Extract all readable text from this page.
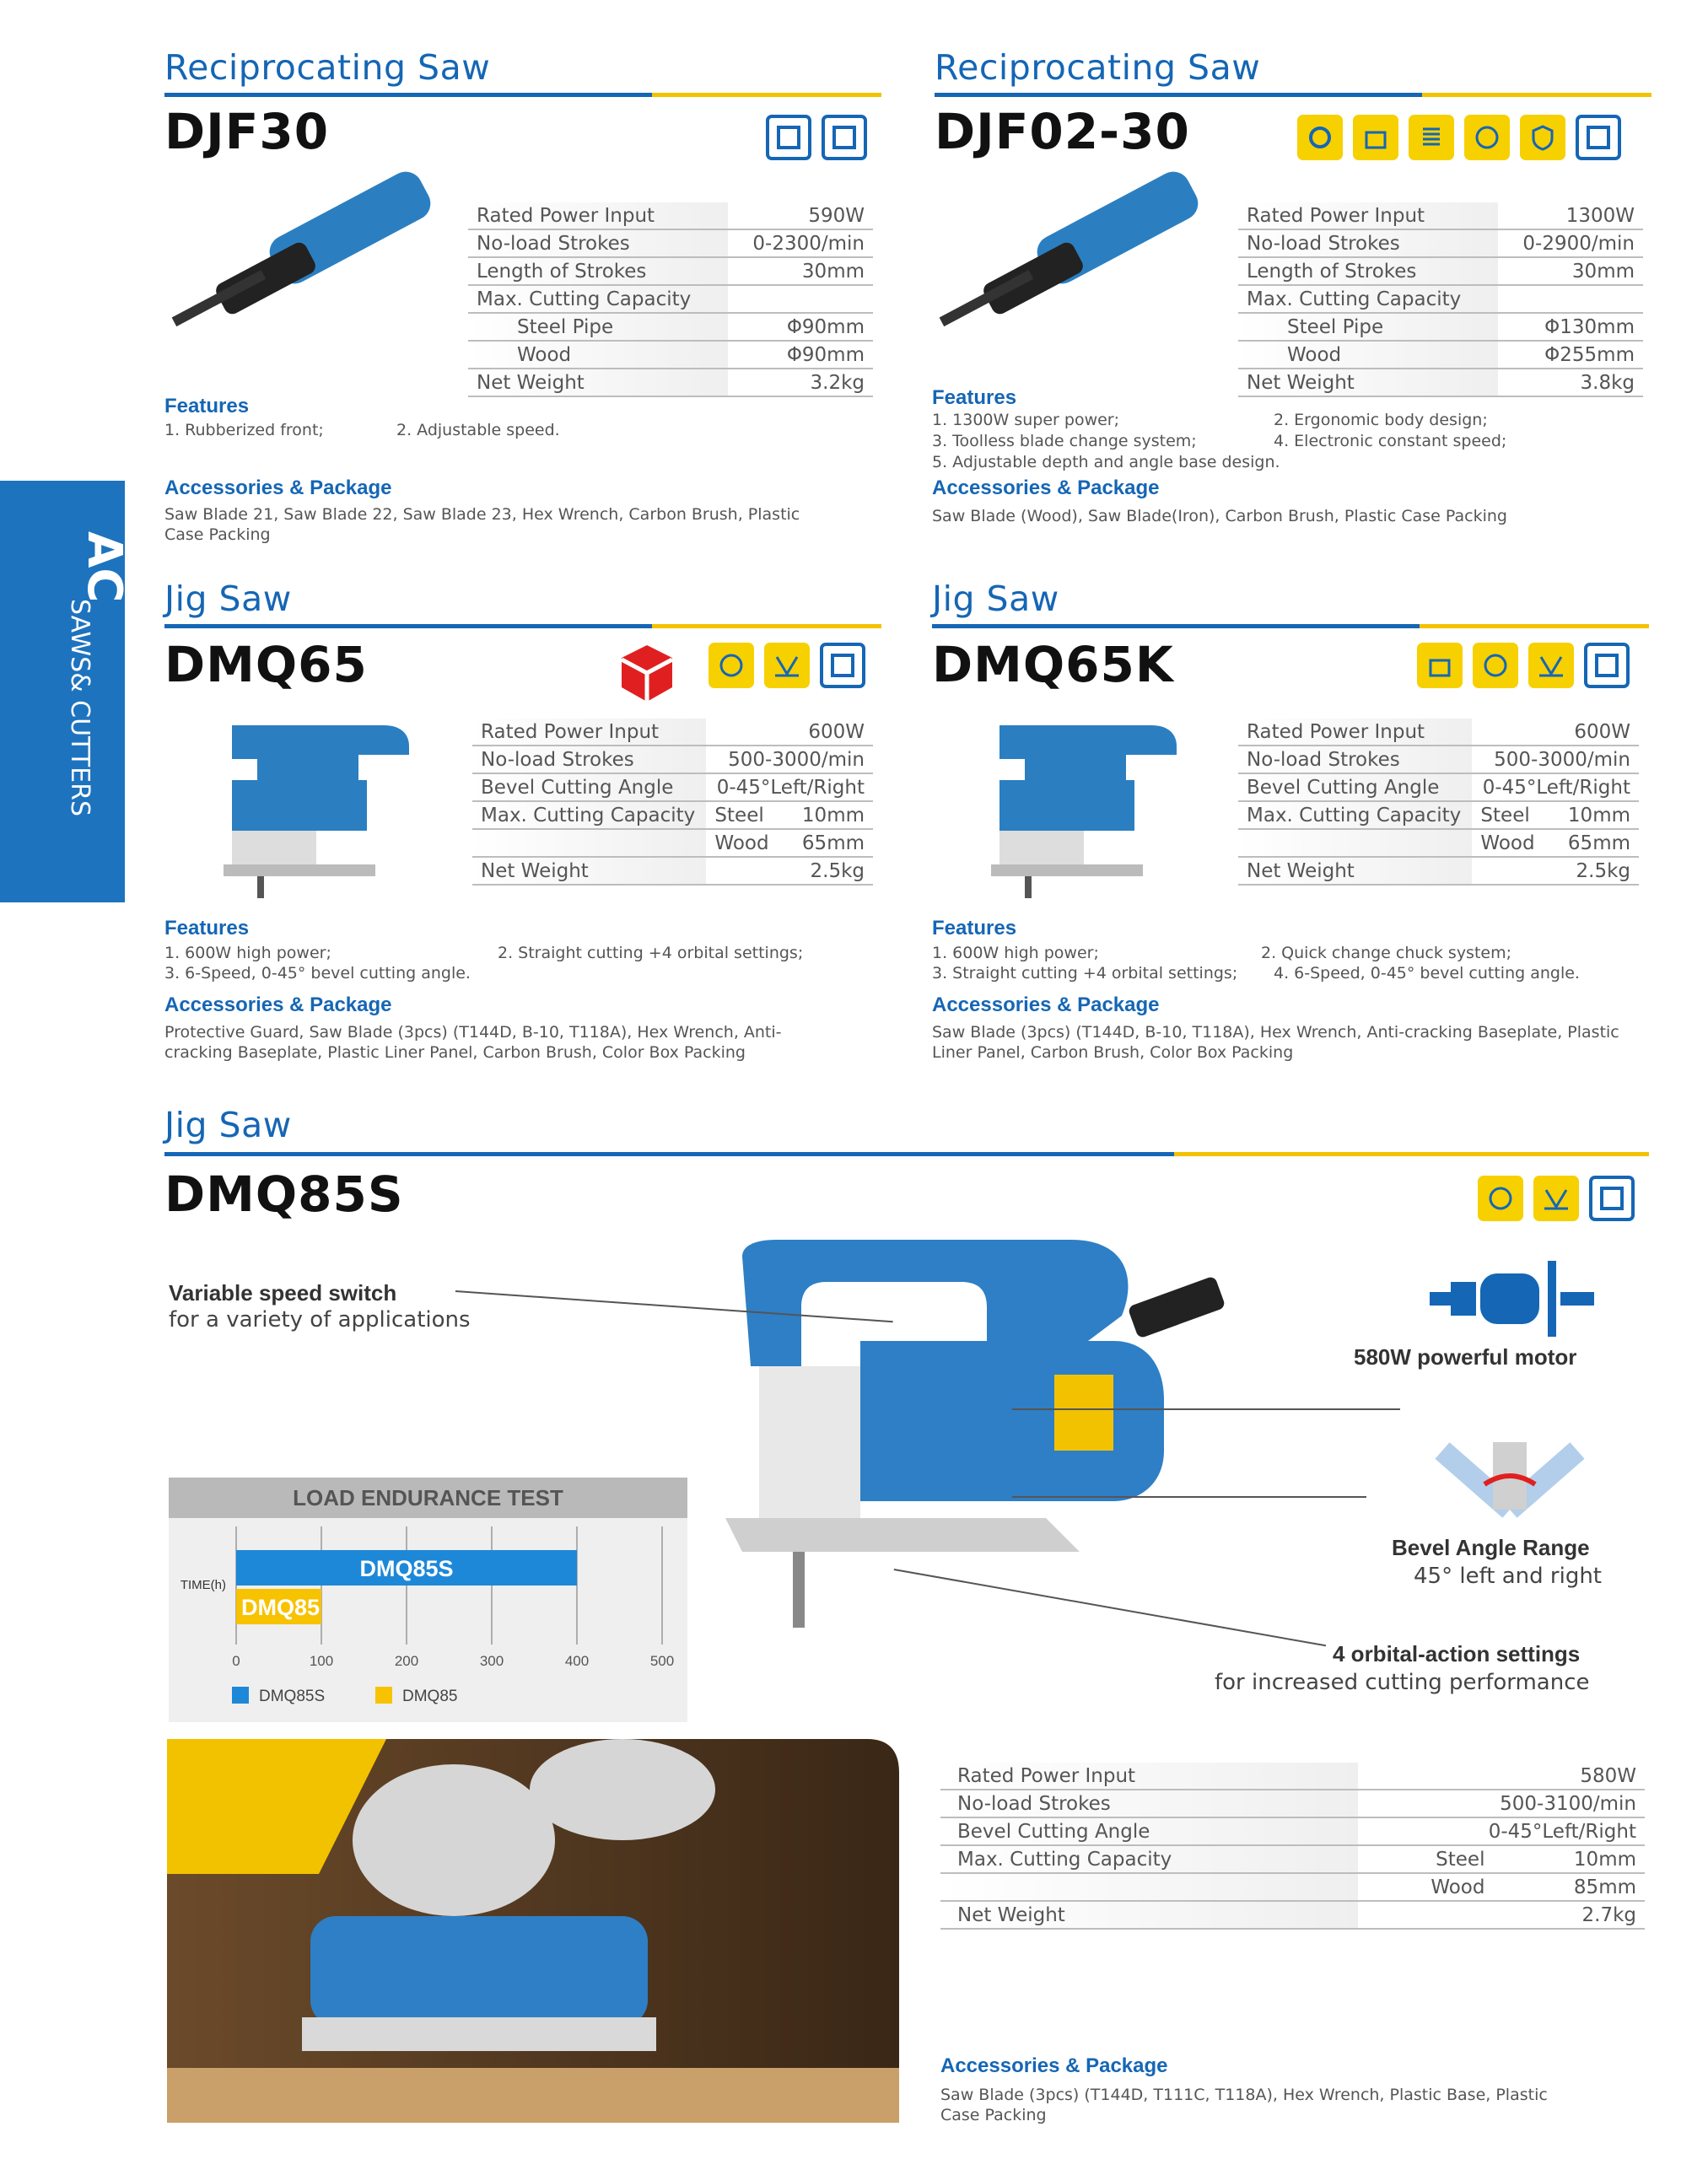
AC
SAWS& CUTTERS
Reciprocating Saw
DJF30
Rated Power Input	590W
No-load Strokes	0-2300/min
Length of Strokes	30mm
Max. Cutting Capacity	
Steel Pipe	Φ90mm
Wood	Φ90mm
Net Weight	3.2kg
Features
1. Rubberized front;	2. Adjustable speed.
Accessories & Package
Saw Blade 21, Saw Blade 22, Saw Blade 23, Hex Wrench, Carbon Brush, Plastic Case Packing
Reciprocating Saw
DJF02-30
Rated Power Input	1300W
No-load Strokes	0-2900/min
Length of Strokes	30mm
Max. Cutting Capacity	
Steel Pipe	Φ130mm
Wood	Φ255mm
Net Weight	3.8kg
Features
1. 1300W super power;	2. Ergonomic body design;
3. Toolless blade change system;	4. Electronic constant speed;
5. Adjustable depth and angle base design.
Accessories & Package
Saw Blade (Wood), Saw Blade(Iron), Carbon Brush, Plastic Case Packing
Jig Saw
DMQ65
Rated Power Input	600W	
No-load Strokes	500-3000/min	
Bevel Cutting Angle	0-45°Left/Right	
Max. Cutting Capacity	Steel	10mm
	Wood	65mm
Net Weight	2.5kg	
Features
1. 600W high power;	2. Straight cutting +4 orbital settings;
3. 6-Speed, 0-45° bevel cutting angle.
Accessories & Package
Protective Guard, Saw Blade (3pcs) (T144D, B-10, T118A), Hex Wrench, Anti-cracking Baseplate, Plastic Liner Panel, Carbon Brush, Color Box Packing
Jig Saw
DMQ65K
Rated Power Input	600W	
No-load Strokes	500-3000/min	
Bevel Cutting Angle	0-45°Left/Right	
Max. Cutting Capacity	Steel	10mm
	Wood	65mm
Net Weight	2.5kg	
Features
1. 600W high power;	2. Quick change chuck system;
3. Straight cutting +4 orbital settings; 4. 6-Speed, 0-45° bevel cutting angle.
Accessories & Package
Saw Blade (3pcs) (T144D, B-10, T118A), Hex Wrench, Anti-cracking Baseplate, Plastic Liner Panel, Carbon Brush, Color Box Packing
Jig Saw
DMQ85S
Variable speed switch
for a variety of applications
580W powerful motor
Bevel Angle Range
45° left and right
4 orbital-action settings
for increased cutting performance
LOAD ENDURANCE TEST
0	100	200	300	400	500
TIME(h)
DMQ85S
DMQ85
DMQ85S	DMQ85
Rated Power Input	580W	
No-load Strokes	500-3100/min	
Bevel Cutting Angle	0-45°Left/Right	
Max. Cutting Capacity	Steel	10mm
	Wood	85mm
Net Weight	2.7kg	
Accessories & Package
Saw Blade (3pcs) (T144D, T111C, T118A), Hex Wrench, Plastic Base, Plastic Case Packing
